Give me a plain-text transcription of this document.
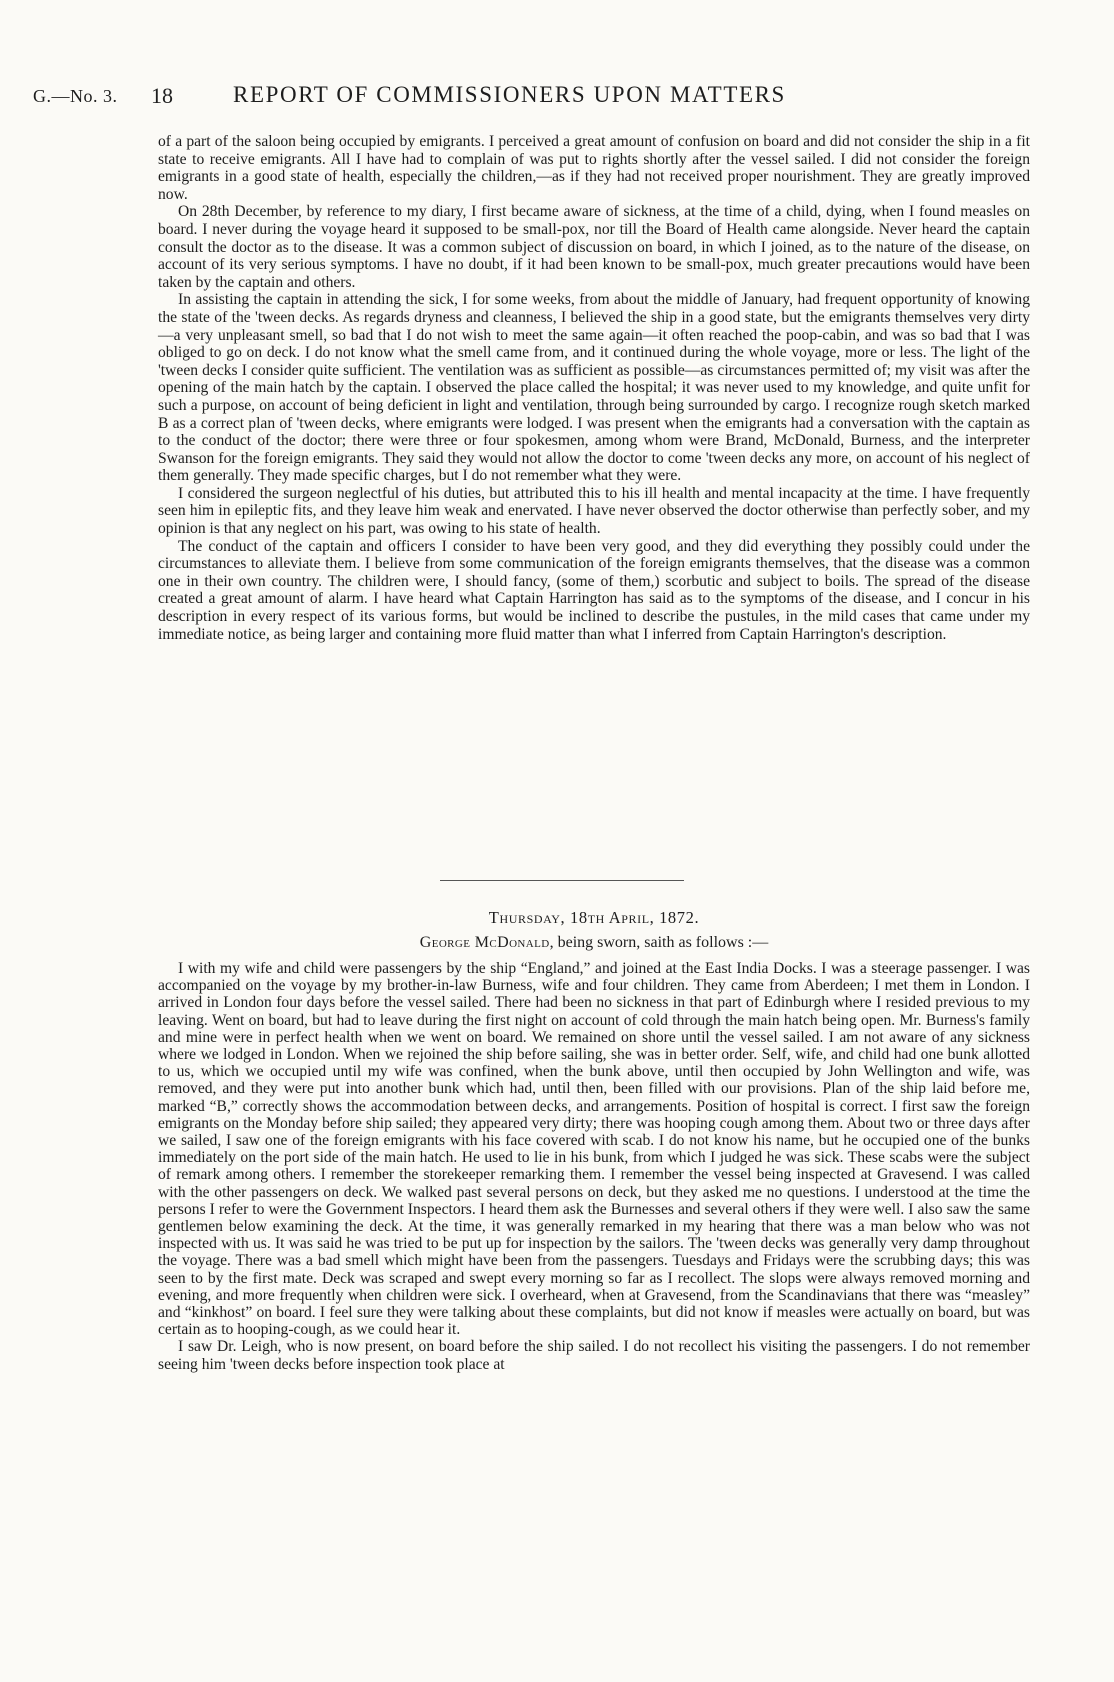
G.—No. 3. 18	REPORT OF COMMISSIONERS UPON MATTERS

of a part of the saloon being occupied by emigrants. I perceived a great amount of confusion on board and did not consider the ship in a fit state to receive emigrants. All I have had to complain of was put to rights shortly after the vessel sailed. I did not consider the foreign emigrants in a good state of health, especially the children,—as if they had not received proper nourishment. They are greatly improved now.

On 28th December, by reference to my diary, I first became aware of sickness, at the time of a child, dying, when I found measles on board. I never during the voyage heard it supposed to be small-pox, nor till the Board of Health came alongside. Never heard the captain consult the doctor as to the disease. It was a common subject of discussion on board, in which I joined, as to the nature of the disease, on account of its very serious symptoms. I have no doubt, if it had been known to be small-pox, much greater precautions would have been taken by the captain and others.

In assisting the captain in attending the sick, I for some weeks, from about the middle of January, had frequent opportunity of knowing the state of the 'tween decks. As regards dryness and cleanness, I believed the ship in a good state, but the emigrants themselves very dirty—a very unpleasant smell, so bad that I do not wish to meet the same again—it often reached the poop-cabin, and was so bad that I was obliged to go on deck. I do not know what the smell came from, and it continued during the whole voyage, more or less. The light of the 'tween decks I consider quite sufficient. The ventilation was as sufficient as possible—as circumstances permitted of; my visit was after the opening of the main hatch by the captain. I observed the place called the hospital; it was never used to my knowledge, and quite unfit for such a purpose, on account of being deficient in light and ventilation, through being surrounded by cargo. I recognize rough sketch marked B as a correct plan of 'tween decks, where emigrants were lodged. I was present when the emigrants had a conversation with the captain as to the conduct of the doctor; there were three or four spokesmen, among whom were Brand, McDonald, Burness, and the interpreter Swanson for the foreign emigrants. They said they would not allow the doctor to come 'tween decks any more, on account of his neglect of them generally. They made specific charges, but I do not remember what they were.

I considered the surgeon neglectful of his duties, but attributed this to his ill health and mental incapacity at the time. I have frequently seen him in epileptic fits, and they leave him weak and enervated. I have never observed the doctor otherwise than perfectly sober, and my opinion is that any neglect on his part, was owing to his state of health.

The conduct of the captain and officers I consider to have been very good, and they did everything they possibly could under the circumstances to alleviate them. I believe from some communication of the foreign emigrants themselves, that the disease was a common one in their own country. The children were, I should fancy, (some of them,) scorbutic and subject to boils. The spread of the disease created a great amount of alarm. I have heard what Captain Harrington has said as to the symptoms of the disease, and I concur in his description in every respect of its various forms, but would be inclined to describe the pustules, in the mild cases that came under my immediate notice, as being larger and containing more fluid matter than what I inferred from Captain Harrington's description.

Thursday, 18th April, 1872.
George McDonald, being sworn, saith as follows :—

I with my wife and child were passengers by the ship “England,” and joined at the East India Docks. I was a steerage passenger. I was accompanied on the voyage by my brother-in-law Burness, wife and four children. They came from Aberdeen; I met them in London. I arrived in London four days before the vessel sailed. There had been no sickness in that part of Edinburgh where I resided previous to my leaving. Went on board, but had to leave during the first night on account of cold through the main hatch being open. Mr. Burness's family and mine were in perfect health when we went on board. We remained on shore until the vessel sailed. I am not aware of any sickness where we lodged in London. When we rejoined the ship before sailing, she was in better order. Self, wife, and child had one bunk allotted to us, which we occupied until my wife was confined, when the bunk above, until then occupied by John Wellington and wife, was removed, and they were put into another bunk which had, until then, been filled with our provisions. Plan of the ship laid before me, marked “B,” correctly shows the accommodation between decks, and arrangements. Position of hospital is correct. I first saw the foreign emigrants on the Monday before ship sailed; they appeared very dirty; there was hooping cough among them. About two or three days after we sailed, I saw one of the foreign emigrants with his face covered with scab. I do not know his name, but he occupied one of the bunks immediately on the port side of the main hatch. He used to lie in his bunk, from which I judged he was sick. These scabs were the subject of remark among others. I remember the storekeeper remarking them. I remember the vessel being inspected at Gravesend. I was called with the other passengers on deck. We walked past several persons on deck, but they asked me no questions. I understood at the time the persons I refer to were the Government Inspectors. I heard them ask the Burnesses and several others if they were well. I also saw the same gentlemen below examining the deck. At the time, it was generally remarked in my hearing that there was a man below who was not inspected with us. It was said he was tried to be put up for inspection by the sailors. The 'tween decks was generally very damp throughout the voyage. There was a bad smell which might have been from the passengers. Tuesdays and Fridays were the scrubbing days; this was seen to by the first mate. Deck was scraped and swept every morning so far as I recollect. The slops were always removed morning and evening, and more frequently when children were sick. I overheard, when at Gravesend, from the Scandinavians that there was “measley” and “kinkhost” on board. I feel sure they were talking about these complaints, but did not know if measles were actually on board, but was certain as to hooping-cough, as we could hear it.

I saw Dr. Leigh, who is now present, on board before the ship sailed. I do not recollect his visiting the passengers. I do not remember seeing him 'tween decks before inspection took place at
